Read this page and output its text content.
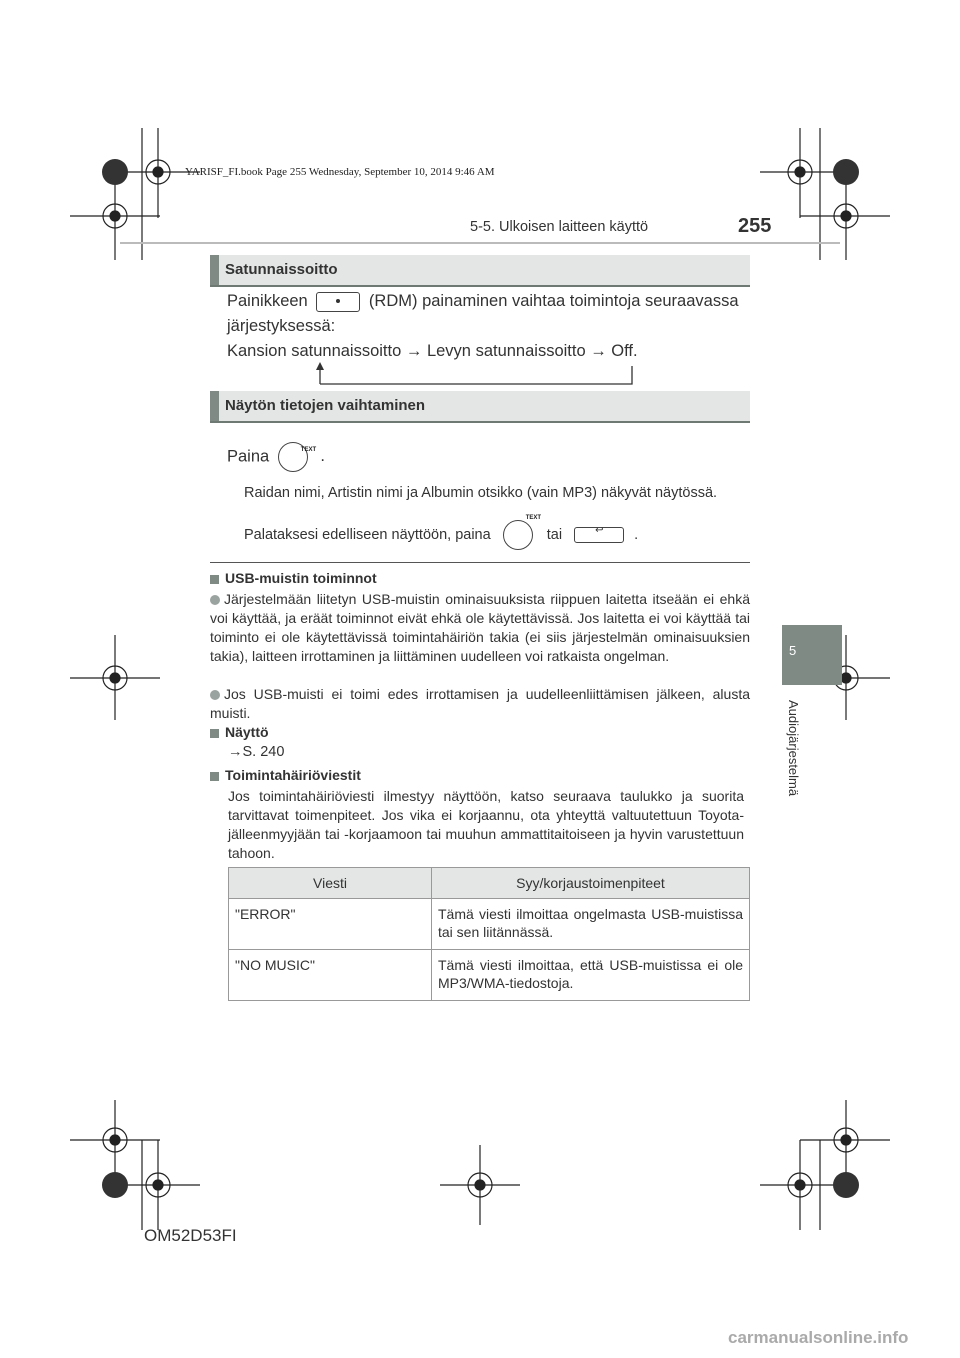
YARISF_FI.book Page 255 Wednesday, September 10, 2014 9:46 AM
5-5. Ulkoisen laitteen käyttö	255
5
Audiojärjestelmä
Satunnaissoitto
Painikkeen	(RDM) painaminen vaihtaa toimintoja seuraavassa
järjestyksessä:
Kansion satunnaissoitto → Levyn satunnaissoitto → Off.
Näytön tietojen vaihtaminen
Paina	TEXT .
Raidan nimi, Artistin nimi ja Albumin otsikko (vain MP3) näkyvät näytössä.
Palataksesi edelliseen näyttöön, paina
TEXT
tai	↩ .
USB-muistin toiminnot
Järjestelmään liitetyn USB-muistin ominaisuuksista riippuen laitetta itseään ei ehkä voi käyttää, ja eräät toiminnot eivät ehkä ole käytettävissä. Jos laitetta ei voi käyttää tai toiminto ei ole käytettävissä toimintahäiriön takia (ei siis järjestelmän ominaisuuksien takia), laitteen irrottaminen ja liittäminen uudelleen voi ratkaista ongelman.
Jos USB-muisti ei toimi edes irrottamisen ja uudelleenliittämisen jälkeen, alusta muisti.
Näyttö
→S. 240
Toimintahäiriöviestit
Jos toimintahäiriöviesti ilmestyy näyttöön, katso seuraava taulukko ja suorita tarvittavat toimenpiteet. Jos vika ei korjaannu, ota yhteyttä valtuutettuun Toyota-jälleenmyyjään tai -korjaamoon tai muuhun ammattitaitoiseen ja hyvin varustettuun tahoon.
Viesti	Syy/korjaustoimenpiteet
"ERROR"	Tämä viesti ilmoittaa ongelmasta USB-muistissa tai sen liitännässä.
"NO MUSIC"	Tämä viesti ilmoittaa, että USB-muistissa ei ole MP3/WMA-tiedostoja.
OM52D53FI
carmanualsonline.info
